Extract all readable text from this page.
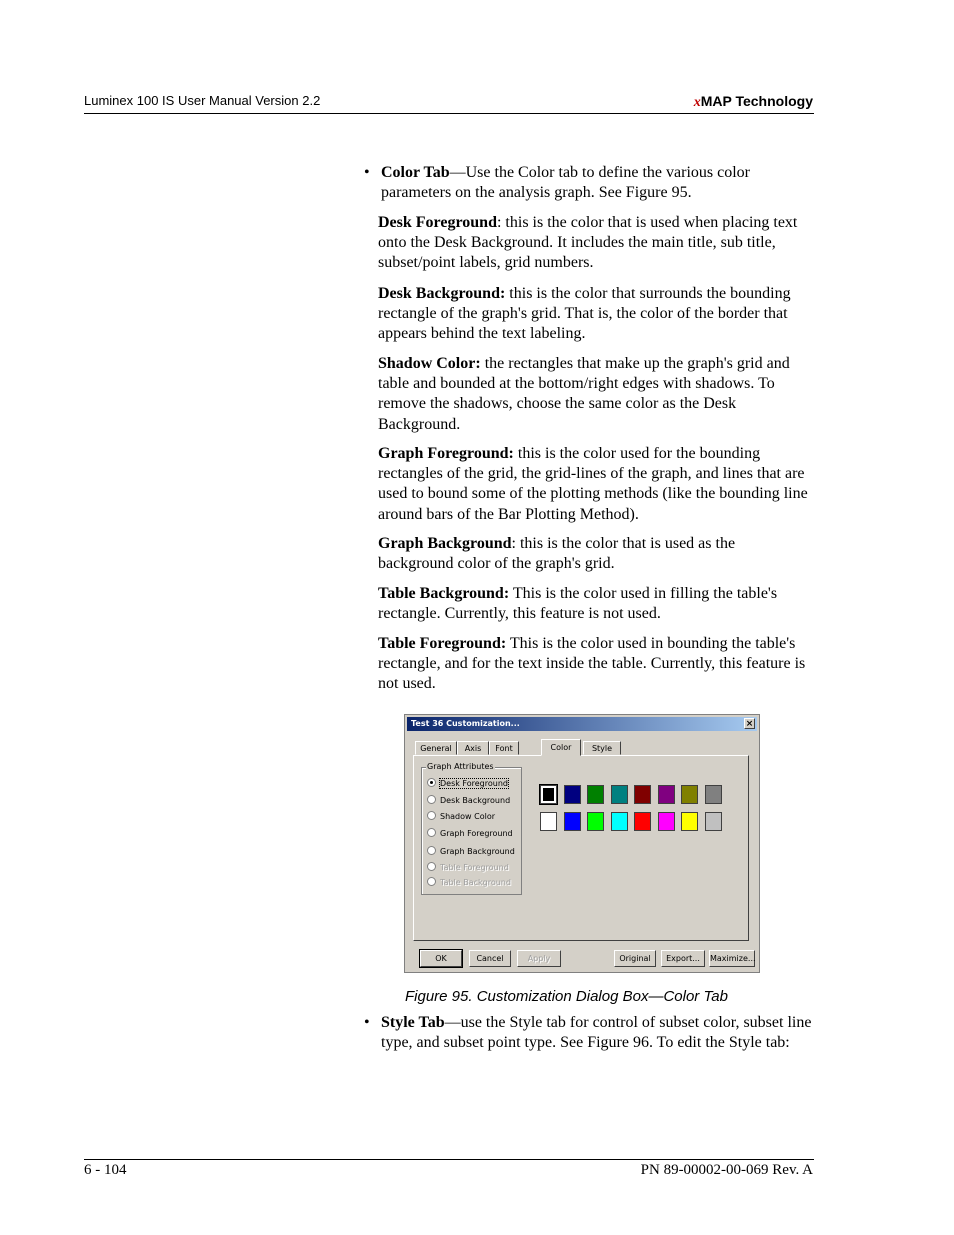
Luminex 100 IS User Manual Version 2.2	xMAP Technology
• Color Tab—Use the Color tab to define the various color parameters on the analysis graph. See Figure 95.
Desk Foreground: this is the color that is used when placing text onto the Desk Background. It includes the main title, sub title, subset/point labels, grid numbers.
Desk Background: this is the color that surrounds the bounding rectangle of the graph's grid. That is, the color of the border that appears behind the text labeling.
Shadow Color: the rectangles that make up the graph's grid and table and bounded at the bottom/right edges with shadows. To remove the shadows, choose the same color as the Desk Background.
Graph Foreground: this is the color used for the bounding rectangles of the grid, the grid-lines of the graph, and lines that are used to bound some of the plotting methods (like the bounding line around bars of the Bar Plotting Method).
Graph Background: this is the color that is used as the background color of the graph's grid.
Table Background: This is the color used in filling the table's rectangle. Currently, this feature is not used.
Table Foreground: This is the color used in bounding the table's rectangle, and for the text inside the table. Currently, this feature is not used.
• Style Tab—use the Style tab for control of subset color, subset line type, and subset point type. See Figure 96. To edit the Style tab:
Test 36 Customization...	×
General	Axis	Font	Color	Style
Graph Attributes
Desk Foreground
Desk Background
Shadow Color
Graph Foreground
Graph Background
Table Foreground
Table Background
OK	Cancel	Apply	Original	Export...	Maximize...
Figure 95. Customization Dialog Box—Color Tab
6 - 104	PN 89-00002-00-069 Rev. A
